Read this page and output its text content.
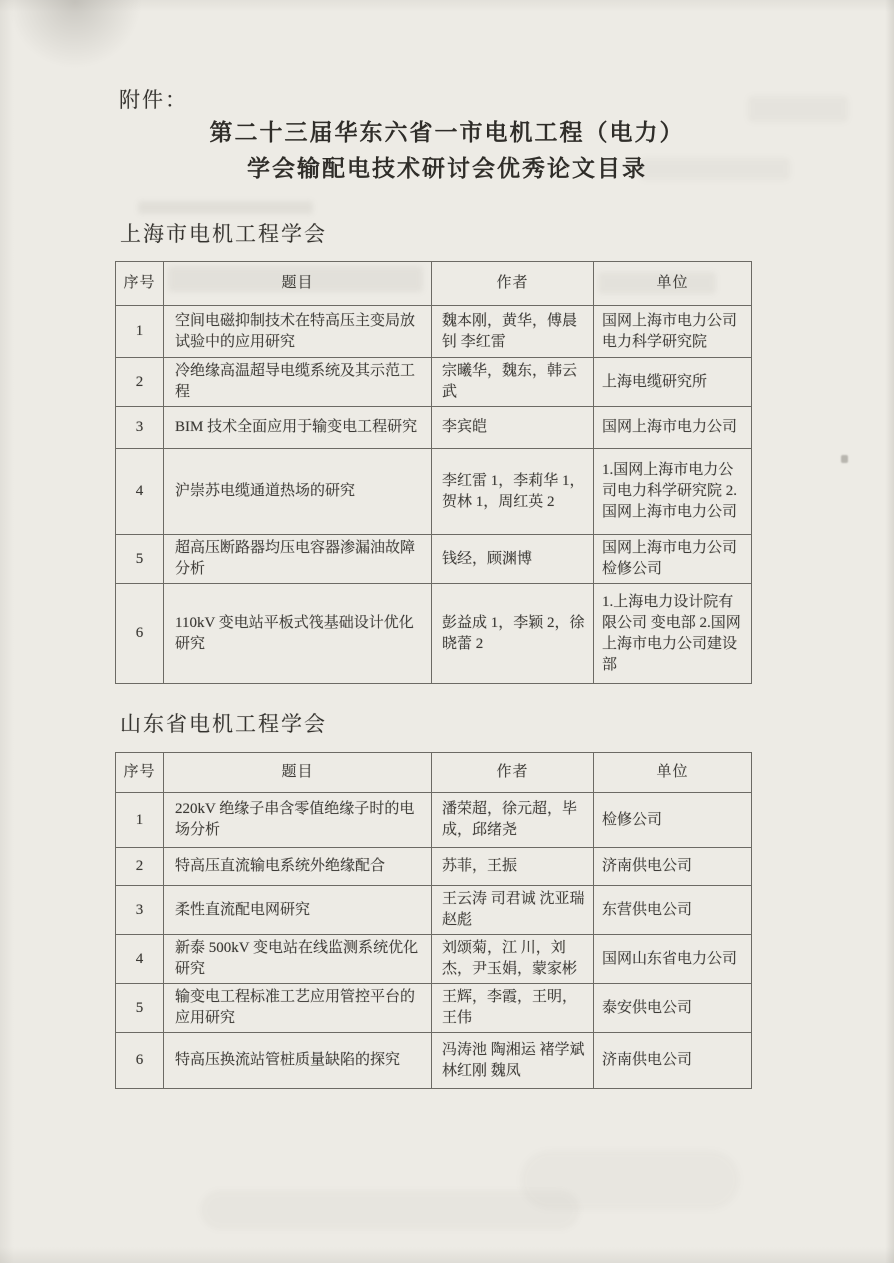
附件：
第二十三届华东六省一市电机工程（电力）
学会输配电技术研讨会优秀论文目录
上海市电机工程学会
序号	题目	作者	单位
1	空间电磁抑制技术在特高压主变局放试验中的应用研究	魏本刚，黄华，傅晨钊 李红雷	国网上海市电力公司电力科学研究院
2	冷绝缘高温超导电缆系统及其示范工程	宗曦华，魏东，韩云武	上海电缆研究所
3	BIM 技术全面应用于输变电工程研究	李宾皑	国网上海市电力公司
4	沪崇苏电缆通道热场的研究	李红雷 1，李莉华 1，贺林 1，周红英 2	1.国网上海市电力公司电力科学研究院 2. 国网上海市电力公司
5	超高压断路器均压电容器渗漏油故障分析	钱经，顾渊博	国网上海市电力公司检修公司
6	110kV 变电站平板式筏基础设计优化研究	彭益成 1，李颖 2，徐晓蕾 2	1.上海电力设计院有限公司 变电部 2.国网上海市电力公司建设部
山东省电机工程学会
序号	题目	作者	单位
1	220kV 绝缘子串含零值绝缘子时的电场分析	潘荣超，徐元超，毕成，邱绪尧	检修公司
2	特高压直流输电系统外绝缘配合	苏菲，王振	济南供电公司
3	柔性直流配电网研究	王云涛 司君诚 沈亚瑞 赵彪	东营供电公司
4	新泰 500kV 变电站在线监测系统优化研究	刘颂菊，江 川，刘杰，尹玉娟，蒙家彬	国网山东省电力公司
5	输变电工程标准工艺应用管控平台的应用研究	王辉，李霞，王明，王伟	泰安供电公司
6	特高压换流站管桩质量缺陷的探究	冯涛池 陶湘运 褚学斌 林红刚 魏凤	济南供电公司
